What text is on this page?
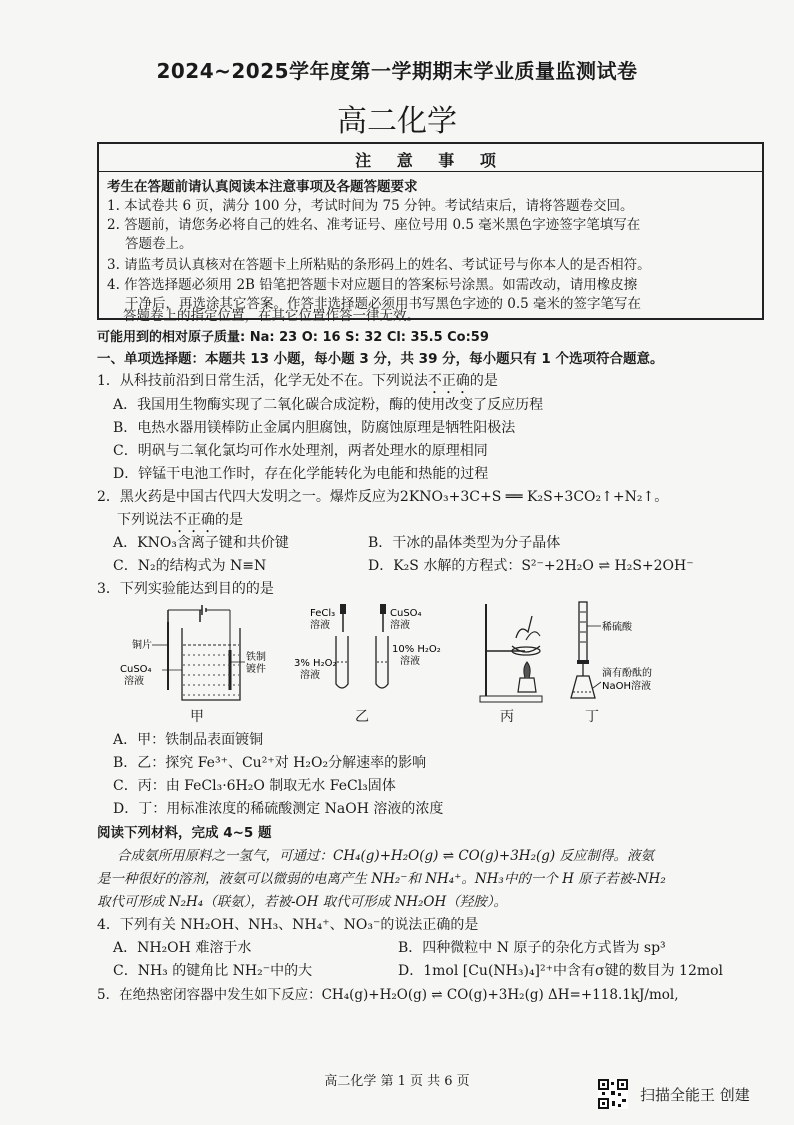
2024~2025学年度第一学期期末学业质量监测试卷
高二化学
注 意 事 项
考生在答题前请认真阅读本注意事项及各题答题要求
1. 本试卷共 6 页，满分 100 分，考试时间为 75 分钟。考试结束后，请将答题卷交回。
2. 答题前，请您务必将自己的姓名、准考证号、座位号用 0.5 毫米黑色字迹签字笔填写在
答题卷上。
3. 请监考员认真核对在答题卡上所粘贴的条形码上的姓名、考试证号与你本人的是否相符。
4. 作答选择题必须用 2B 铅笔把答题卡对应题目的答案标号涂黑。如需改动，请用橡皮擦
干净后，再选涂其它答案。作答非选择题必须用书写黑色字迹的 0.5 毫米的签字笔写在
答题卷上的指定位置，在其它位置作答一律无效。
可能用到的相对原子质量: Na: 23 O: 16 S: 32 Cl: 35.5 Co:59
一、单项选择题：本题共 13 小题，每小题 3 分，共 39 分，每小题只有 1 个选项符合题意。
1．从科技前沿到日常生活，化学无处不在。下列说法不正确的是
A．我国用生物酶实现了二氧化碳合成淀粉，酶的使用改变了反应历程
B．电热水器用镁棒防止金属内胆腐蚀，防腐蚀原理是牺牲阳极法
C．明矾与二氧化氯均可作水处理剂，两者处理水的原理相同
D．锌锰干电池工作时，存在化学能转化为电能和热能的过程
2．黑火药是中国古代四大发明之一。爆炸反应为2KNO₃+3C+S ══ K₂S+3CO₂↑+N₂↑。
下列说法不正确的是
A．KNO₃含离子键和共价键	B．干冰的晶体类型为分子晶体
C．N₂的结构式为 N≡N	D．K₂S 水解的方程式：S²⁻+2H₂O ⇌ H₂S+2OH⁻
3．下列实验能达到目的的是
铜片
CuSO₄
溶液
铁制
镀件
甲
FeCl₃
溶液
CuSO₄
溶液
3% H₂O₂
溶液
10% H₂O₂
溶液
乙	丙
稀硫酸
滴有酚酞的
NaOH溶液
丁
A．甲：铁制品表面镀铜
B．乙：探究 Fe³⁺、Cu²⁺对 H₂O₂分解速率的影响
C．丙：由 FeCl₃·6H₂O 制取无水 FeCl₃固体
D．丁：用标准浓度的稀硫酸测定 NaOH 溶液的浓度
阅读下列材料，完成 4~5 题
合成氨所用原料之一氢气，可通过：CH₄(g)+H₂O(g) ⇌ CO(g)+3H₂(g) 反应制得。液氨
是一种很好的溶剂，液氨可以微弱的电离产生 NH₂⁻和 NH₄⁺。NH₃中的一个 H 原子若被-NH₂
取代可形成 N₂H₄（联氨），若被-OH 取代可形成 NH₂OH（羟胺）。
4．下列有关 NH₂OH、NH₃、NH₄⁺、NO₃⁻的说法正确的是
A．NH₂OH 难溶于水	B．四种微粒中 N 原子的杂化方式皆为 sp³
C．NH₃ 的键角比 NH₂⁻中的大	D．1mol [Cu(NH₃)₄]²⁺中含有σ键的数目为 12mol
5．在绝热密闭容器中发生如下反应：CH₄(g)+H₂O(g) ⇌ CO(g)+3H₂(g) ΔH=+118.1kJ/mol,
高二化学 第 1 页 共 6 页
扫描全能王 创建
